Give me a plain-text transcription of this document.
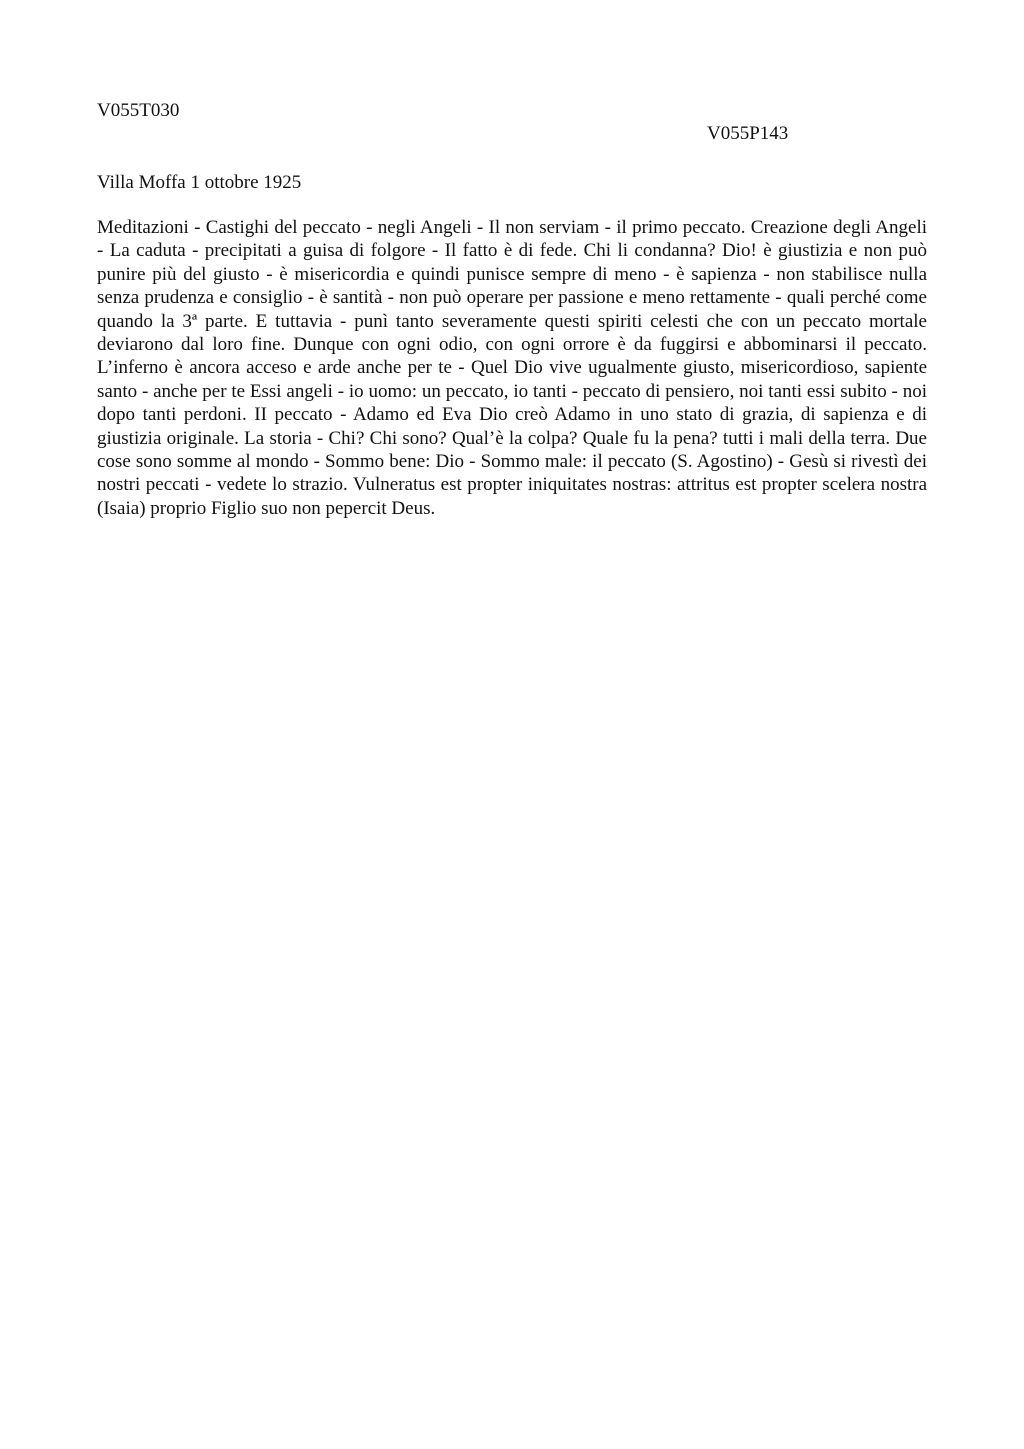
V055T030
V055P143
Villa Moffa 1 ottobre 1925

Meditazioni - Castighi del peccato - negli Angeli - Il non serviam - il primo peccato. Creazione degli Angeli - La caduta - precipitati a guisa di folgore - Il fatto è di fede. Chi li condanna? Dio! è giustizia e non può punire più del giusto - è misericordia e quindi punisce sempre di meno - è sapienza - non stabilisce nulla senza prudenza e consiglio - è santità - non può operare per passione e meno rettamente - quali perché come quando la 3ª parte. E tuttavia - punì tanto severamente questi spiriti celesti che con un peccato mortale deviarono dal loro fine. Dunque con ogni odio, con ogni orrore è da fuggirsi e abbominarsi il peccato. L’inferno è ancora acceso e arde anche per te - Quel Dio vive ugualmente giusto, misericordioso, sapiente santo - anche per te Essi angeli - io uomo: un peccato, io tanti - peccato di pensiero, noi tanti essi subito - noi dopo tanti perdoni. II peccato - Adamo ed Eva Dio creò Adamo in uno stato di grazia, di sapienza e di giustizia originale. La storia - Chi? Chi sono? Qual’è la colpa? Quale fu la pena? tutti i mali della terra. Due cose sono somme al mondo - Sommo bene: Dio - Sommo male: il peccato (S. Agostino) - Gesù si rivestì dei nostri peccati - vedete lo strazio. Vulneratus est propter iniquitates nostras: attritus est propter scelera nostra (Isaia) proprio Figlio suo non pepercit Deus.
